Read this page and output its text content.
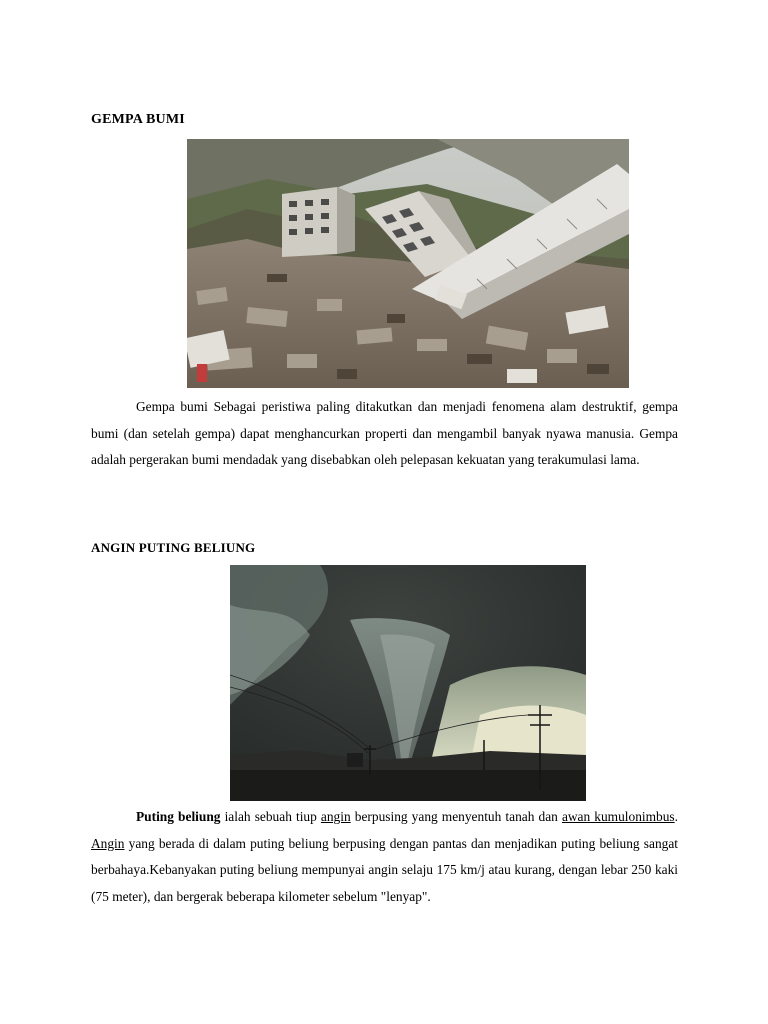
GEMPA BUMI

Gempa bumi Sebagai peristiwa paling ditakutkan dan menjadi fenomena alam destruktif, gempa bumi (dan setelah gempa) dapat menghancurkan properti dan mengambil banyak nyawa manusia. Gempa adalah pergerakan bumi mendadak yang disebabkan oleh pelepasan kekuatan yang terakumulasi lama.

ANGIN PUTING BELIUNG

Puting beliung ialah sebuah tiup angin berpusing yang menyentuh tanah dan awan kumulonimbus. Angin yang berada di dalam puting beliung berpusing dengan pantas dan menjadikan puting beliung sangat berbahaya.Kebanyakan puting beliung mempunyai angin selaju 175 km/j atau kurang, dengan lebar 250 kaki (75 meter), dan bergerak beberapa kilometer sebelum "lenyap".
